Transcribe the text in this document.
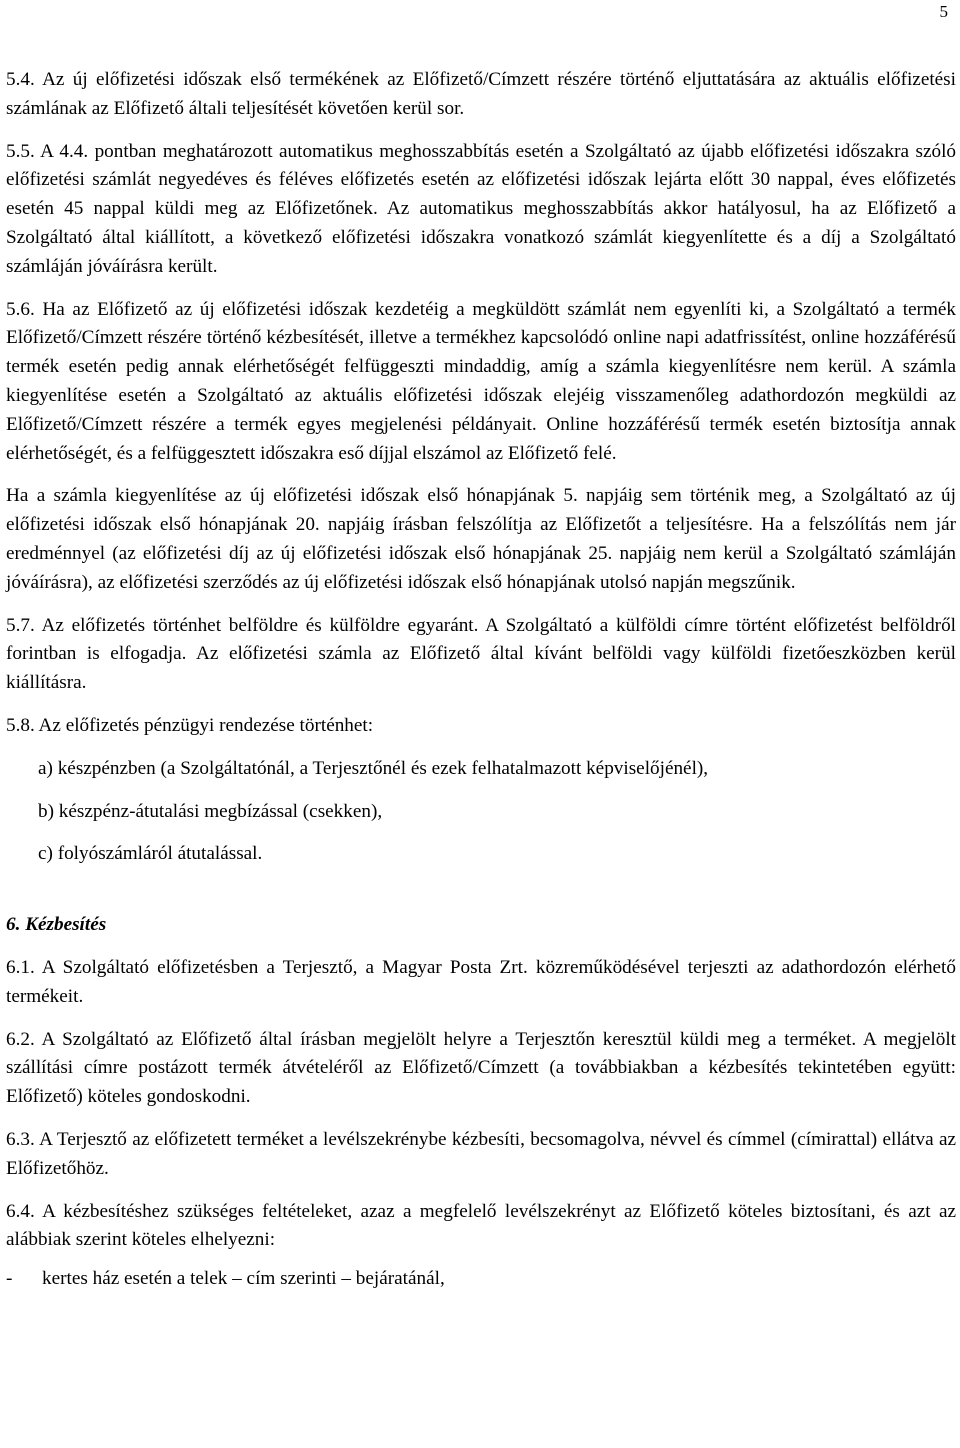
5

5.4. Az új előfizetési időszak első termékének az Előfizető/Címzett részére történő eljuttatására az aktuális előfizetési számlának az Előfizető általi teljesítését követően kerül sor.

5.5. A 4.4. pontban meghatározott automatikus meghosszabbítás esetén a Szolgáltató az újabb előfizetési időszakra szóló előfizetési számlát negyedéves és féléves előfizetés esetén az előfizetési időszak lejárta előtt 30 nappal, éves előfizetés esetén 45 nappal küldi meg az Előfizetőnek. Az automatikus meghosszabbítás akkor hatályosul, ha az Előfizető a Szolgáltató által kiállított, a következő előfizetési időszakra vonatkozó számlát kiegyenlítette és a díj a Szolgáltató számláján jóváírásra került.

5.6. Ha az Előfizető az új előfizetési időszak kezdetéig a megküldött számlát nem egyenlíti ki, a Szolgáltató a termék Előfizető/Címzett részére történő kézbesítését, illetve a termékhez kapcsolódó online napi adatfrissítést, online hozzáférésű termék esetén pedig annak elérhetőségét felfüggeszti mindaddig, amíg a számla kiegyenlítésre nem kerül. A számla kiegyenlítése esetén a Szolgáltató az aktuális előfizetési időszak elejéig visszamenőleg adathordozón megküldi az Előfizető/Címzett részére a termék egyes megjelenési példányait. Online hozzáférésű termék esetén biztosítja annak elérhetőségét, és a felfüggesztett időszakra eső díjjal elszámol az Előfizető felé.

Ha a számla kiegyenlítése az új előfizetési időszak első hónapjának 5. napjáig sem történik meg, a Szolgáltató az új előfizetési időszak első hónapjának 20. napjáig írásban felszólítja az Előfizetőt a teljesítésre. Ha a felszólítás nem jár eredménnyel (az előfizetési díj az új előfizetési időszak első hónapjának 25. napjáig nem kerül a Szolgáltató számláján jóváírásra), az előfizetési szerződés az új előfizetési időszak első hónapjának utolsó napján megszűnik.

5.7. Az előfizetés történhet belföldre és külföldre egyaránt. A Szolgáltató a külföldi címre történt előfizetést belföldről forintban is elfogadja. Az előfizetési számla az Előfizető által kívánt belföldi vagy külföldi fizetőeszközben kerül kiállításra.

5.8. Az előfizetés pénzügyi rendezése történhet:

a) készpénzben (a Szolgáltatónál, a Terjesztőnél és ezek felhatalmazott képviselőjénél),
b) készpénz-átutalási megbízással (csekken),
c) folyószámláról átutalással.
6. Kézbesítés

6.1. A Szolgáltató előfizetésben a Terjesztő, a Magyar Posta Zrt. közreműködésével terjeszti az adathordozón elérhető termékeit.

6.2. A Szolgáltató az Előfizető által írásban megjelölt helyre a Terjesztőn keresztül küldi meg a terméket. A megjelölt szállítási címre postázott termék átvételéről az Előfizető/Címzett (a továbbiakban a kézbesítés tekintetében együtt: Előfizető) köteles gondoskodni.

6.3. A Terjesztő az előfizetett terméket a levélszekrénybe kézbesíti, becsomagolva, névvel és címmel (címirattal) ellátva az Előfizetőhöz.

6.4. A kézbesítéshez szükséges feltételeket, azaz a megfelelő levélszekrényt az Előfizető köteles biztosítani, és azt az alábbiak szerint köteles elhelyezni:

- kertes ház esetén a telek – cím szerinti – bejáratánál,
